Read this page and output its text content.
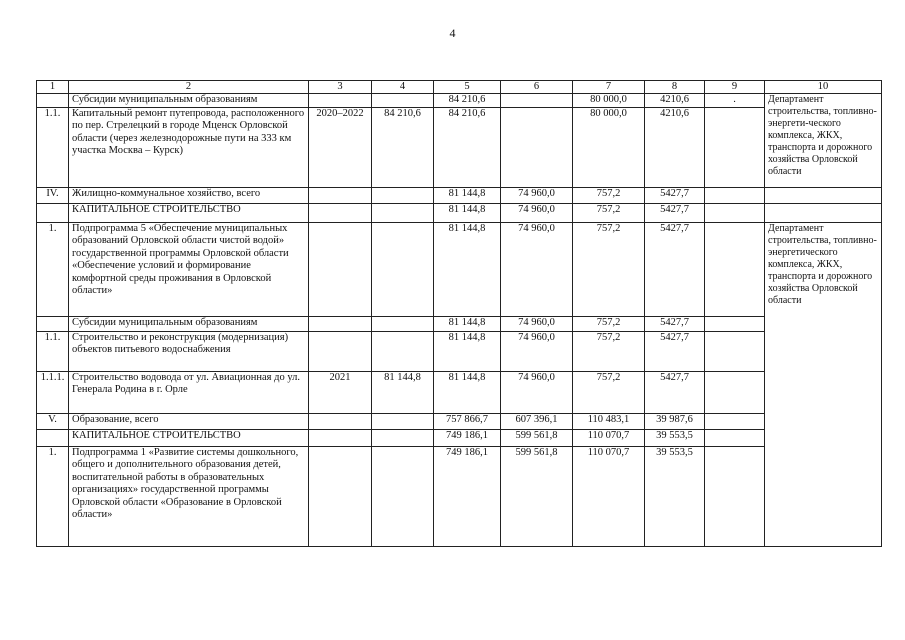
4
1	2	3	4	5	6	7	8	9	10
	Субсидии муниципальным образованиям			84 210,6		80 000,0	4210,6	.	Департамент строительства, топливно-энергети-ческого комплекса, ЖКХ, транспорта и дорожного хозяйства Орловской области
1.1.	Капитальный ремонт путепровода, расположенного по пер. Стрелецкий в городе Мценск Орловской области (через железнодорожные пути на 333 км участка Москва – Курск)	2020–2022	84 210,6	84 210,6		80 000,0	4210,6		
IV.	Жилищно-коммунальное хозяйство, всего			81 144,8	74 960,0	757,2	5427,7		
	КАПИТАЛЬНОЕ СТРОИТЕЛЬСТВО			81 144,8	74 960,0	757,2	5427,7		
1.	Подпрограмма 5 «Обеспечение муниципальных образований Орловской области чистой водой» государственной программы Орловской области «Обеспечение условий и формирование комфортной среды проживания в Орловской области»			81 144,8	74 960,0	757,2	5427,7		Департамент строительства, топливно-энергетического комплекса, ЖКХ, транспорта и дорожного хозяйства Орловской области
	Субсидии муниципальным образованиям			81 144,8	74 960,0	757,2	5427,7		
1.1.	Строительство и реконструкция (модернизация) объектов питьевого водоснабжения			81 144,8	74 960,0	757,2	5427,7		
1.1.1.	Строительство водовода от ул. Авиационная до ул. Генерала Родина в г. Орле	2021	81 144,8	81 144,8	74 960,0	757,2	5427,7		
V.	Образование, всего			757 866,7	607 396,1	110 483,1	39 987,6		
	КАПИТАЛЬНОЕ СТРОИТЕЛЬСТВО			749 186,1	599 561,8	110 070,7	39 553,5		
1.	Подпрограмма 1 «Развитие системы дошкольного, общего и дополнительного образования детей, воспитательной работы в образовательных организациях» государственной программы Орловской области «Образование в Орловской области»			749 186,1	599 561,8	110 070,7	39 553,5		
